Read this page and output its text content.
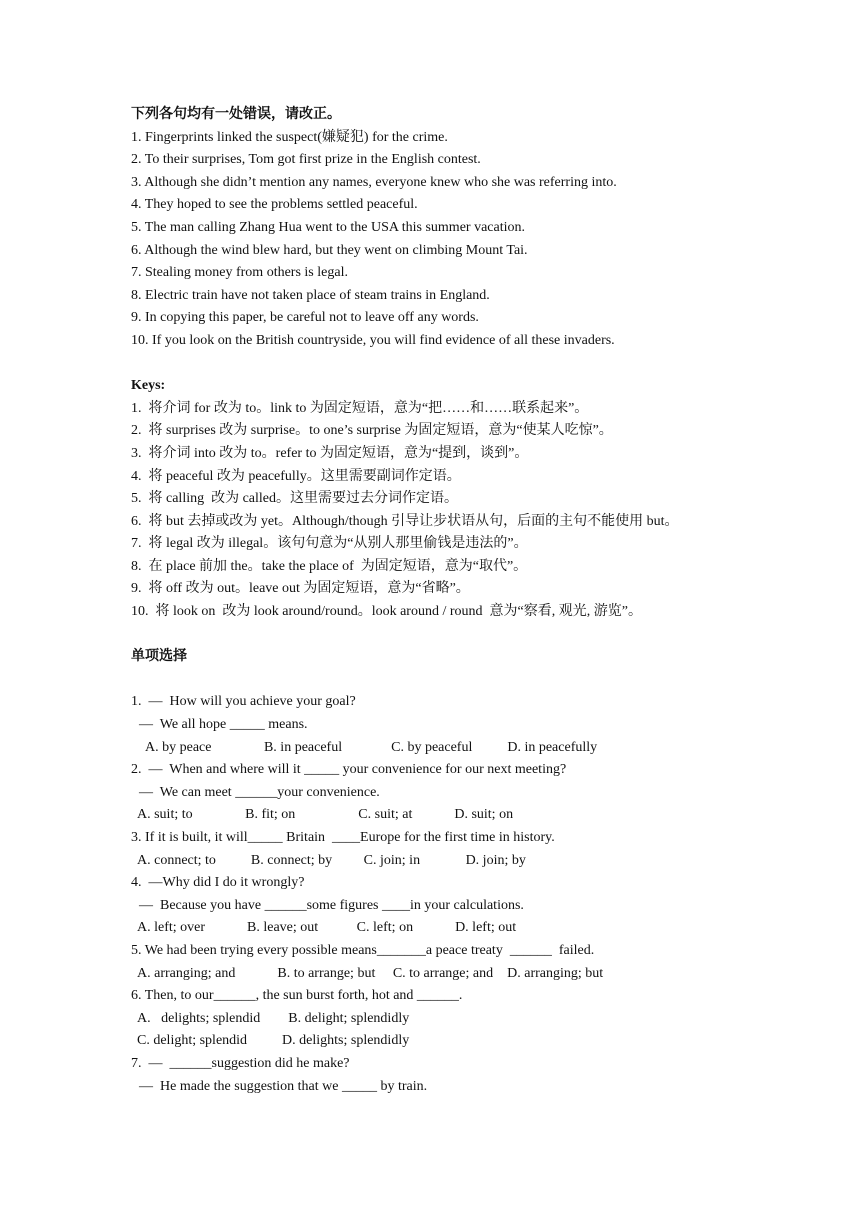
下列各句均有一处错误，请改正。
1. Fingerprints linked the suspect(嫌疑犯) for the crime.
2. To their surprises, Tom got first prize in the English contest.
3. Although she didn’t mention any names, everyone knew who she was referring into.
4. They hoped to see the problems settled peaceful.
5. The man calling Zhang Hua went to the USA this summer vacation.
6. Although the wind blew hard, but they went on climbing Mount Tai.
7. Stealing money from others is legal.
8. Electric train have not taken place of steam trains in England.
9. In copying this paper, be careful not to leave off any words.
10. If you look on the British countryside, you will find evidence of all these invaders.
Keys:
1.  将介词 for 改为 to。link to 为固定短语，意为“把……和……联系起来”。
2.  将 surprises 改为 surprise。to one’s surprise 为固定短语，意为“使某人吃惊”。
3.  将介词 into 改为 to。refer to 为固定短语，意为“提到，谈到”。
4.  将 peaceful 改为 peacefully。这里需要副词作定语。
5.  将 calling  改为 called。这里需要过去分词作定语。
6.  将 but 去掉或改为 yet。Although/though 引导让步状语从句，后面的主句不能使用 but。
7.  将 legal 改为 illegal。该句句意为“从别人那里偷钱是违法的”。
8.  在 place 前加 the。take the place of  为固定短语，意为“取代”。
9.  将 off 改为 out。leave out 为固定短语，意为“省略”。
10.  将 look on  改为 look around/round。look around / round  意为“察看, 观光, 游览”。
单项选择
1.  —  How will you achieve your goal?
—  We all hope _____ means.
A. by peace               B. in peaceful              C. by peaceful          D. in peacefully
2.  —  When and where will it _____ your convenience for our next meeting?
—  We can meet ______your convenience.
A. suit; to               B. fit; on                  C. suit; at            D. suit; on
3. If it is built, it will_____ Britain  ____Europe for the first time in history.
A. connect; to          B. connect; by         C. join; in             D. join; by
4.  —Why did I do it wrongly?
—  Because you have ______some figures ____in your calculations.
A. left; over            B. leave; out           C. left; on            D. left; out
5. We had been trying every possible means_______a peace treaty  ______  failed.
A. arranging; and            B. to arrange; but     C. to arrange; and    D. arranging; but
6. Then, to our______, the sun burst forth, hot and ______.
A.   delights; splendid        B. delight; splendidly
C. delight; splendid          D. delights; splendidly
7.  —  ______suggestion did he make?
—  He made the suggestion that we _____ by train.
